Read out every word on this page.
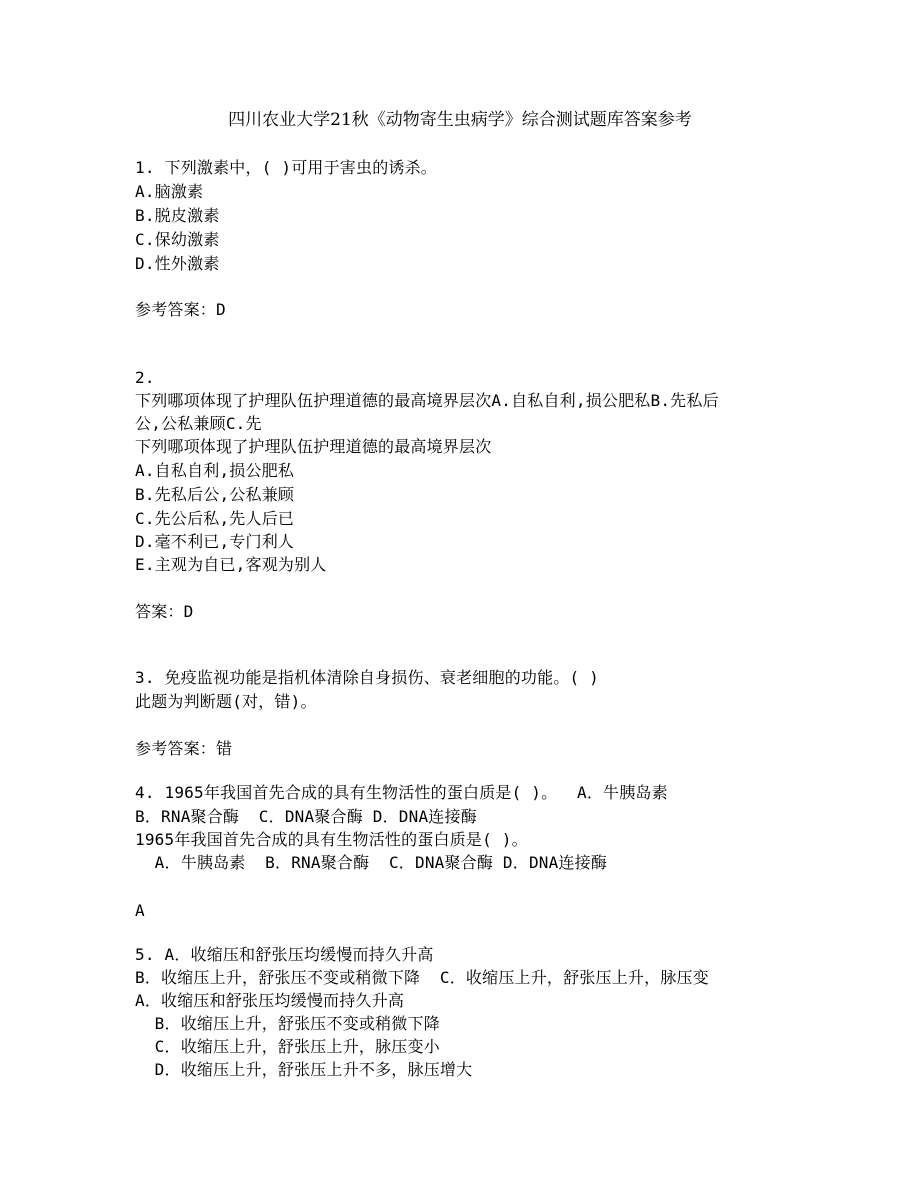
四川农业大学21秋《动物寄生虫病学》综合测试题库答案参考
1. 下列激素中，( )可用于害虫的诱杀。
A.脑激素
B.脱皮激素
C.保幼激素
D.性外激素
参考答案：D
2.
下列哪项体现了护理队伍护理道德的最高境界层次A.自私自利,损公肥私B.先私后
公,公私兼顾C.先
下列哪项体现了护理队伍护理道德的最高境界层次
A.自私自利,损公肥私
B.先私后公,公私兼顾
C.先公后私,先人后已
D.毫不利已,专门利人
E.主观为自已,客观为别人
答案：D
3. 免疫监视功能是指机体清除自身损伤、衰老细胞的功能。( )
此题为判断题(对，错)。
参考答案：错
4. 1965年我国首先合成的具有生物活性的蛋白质是( )。  A．牛胰岛素
B．RNA聚合酶  C．DNA聚合酶 D．DNA连接酶
1965年我国首先合成的具有生物活性的蛋白质是( )。
A．牛胰岛素  B．RNA聚合酶  C．DNA聚合酶 D．DNA连接酶
A
5. A．收缩压和舒张压均缓慢而持久升高
B．收缩压上升，舒张压不变或稍微下降  C．收缩压上升，舒张压上升，脉压变
A．收缩压和舒张压均缓慢而持久升高
B．收缩压上升，舒张压不变或稍微下降
C．收缩压上升，舒张压上升，脉压变小
D．收缩压上升，舒张压上升不多，脉压增大
